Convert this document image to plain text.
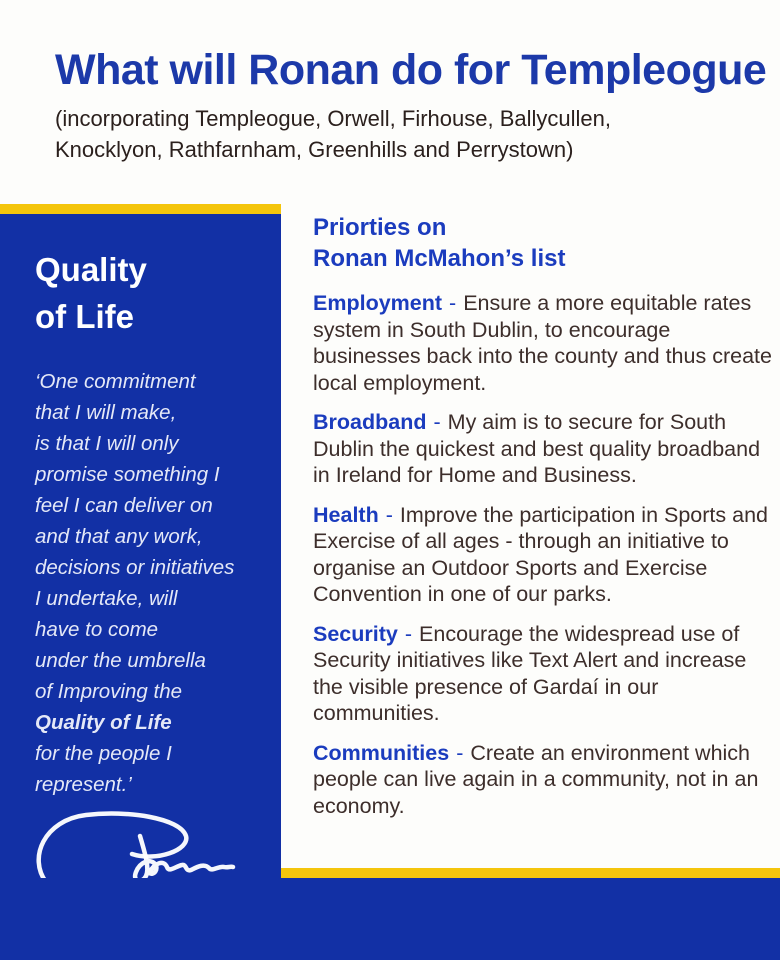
What will Ronan do for Templeogue
(incorporating Templeogue, Orwell, Firhouse, Ballycullen,
Knocklyon, Rathfarnham, Greenhills and Perrystown)
Quality
of Life
‘One commitment
that I will make,
is that I will only
promise something I
feel I can deliver on
and that any work,
decisions or initiatives
I undertake, will
have to come
under the umbrella
of Improving the
Quality of Life
for the people I
represent.’
Priorties on
Ronan McMahon’s list

Employment - Ensure a more equitable rates system in South Dublin, to encourage businesses back into the county and thus create local employment.

Broadband - My aim is to secure for South Dublin the quickest and best quality broadband in Ireland for Home and Business.

Health - Improve the participation in Sports and Exercise of all ages - through an initiative to organise an Outdoor Sports and Exercise Convention in one of our parks.

Security - Encourage the widespread use of Security initiatives like Text Alert and increase the visible presence of Gardaí in our communities.

Communities - Create an environment which people can live again in a community, not in an economy.
